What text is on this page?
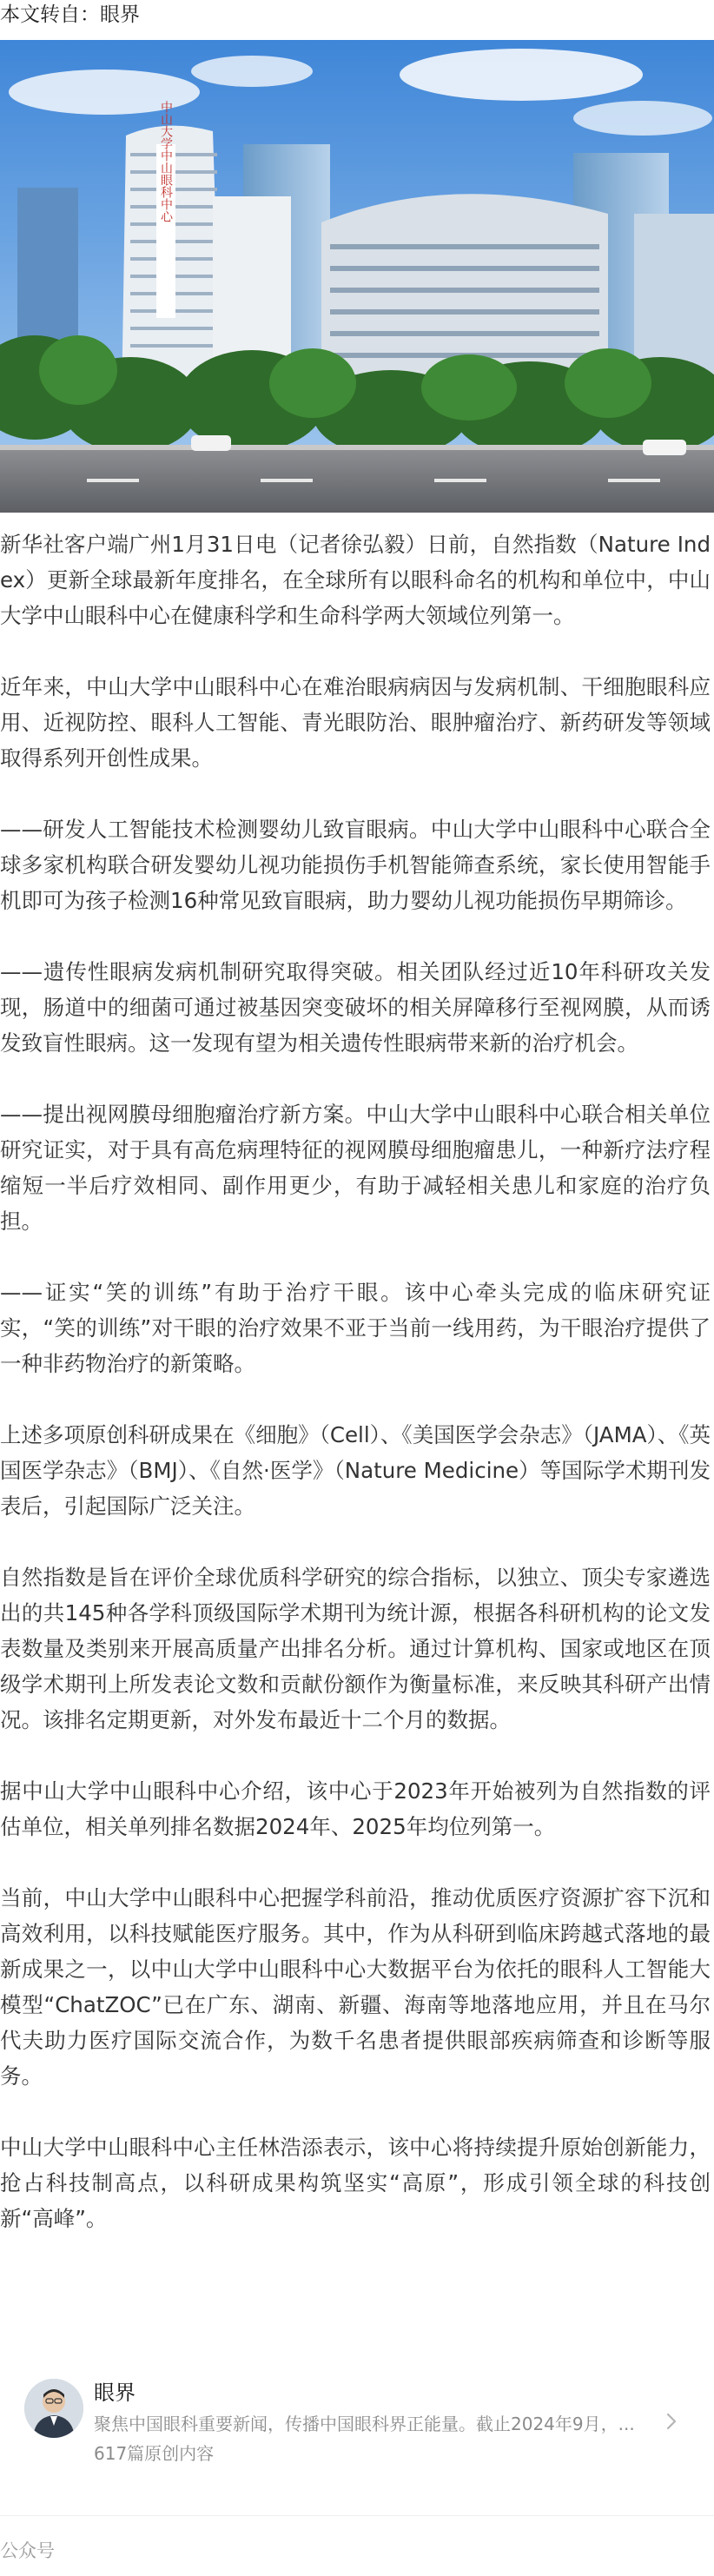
本文转自：眼界
中山大学中山眼科中心

新华社客户端广州1月31日电（记者徐弘毅）日前，自然指数（Nature Index）更新全球最新年度排名，在全球所有以眼科命名的机构和单位中，中山大学中山眼科中心在健康科学和生命科学两大领域位列第一。

近年来，中山大学中山眼科中心在难治眼病病因与发病机制、干细胞眼科应用、近视防控、眼科人工智能、青光眼防治、眼肿瘤治疗、新药研发等领域取得系列开创性成果。

——研发人工智能技术检测婴幼儿致盲眼病。中山大学中山眼科中心联合全球多家机构联合研发婴幼儿视功能损伤手机智能筛查系统，家长使用智能手机即可为孩子检测16种常见致盲眼病，助力婴幼儿视功能损伤早期筛诊。

——遗传性眼病发病机制研究取得突破。相关团队经过近10年科研攻关发现，肠道中的细菌可通过被基因突变破坏的相关屏障移行至视网膜，从而诱发致盲性眼病。这一发现有望为相关遗传性眼病带来新的治疗机会。

——提出视网膜母细胞瘤治疗新方案。中山大学中山眼科中心联合相关单位研究证实，对于具有高危病理特征的视网膜母细胞瘤患儿，一种新疗法疗程缩短一半后疗效相同、副作用更少，有助于减轻相关患儿和家庭的治疗负担。

——证实“笑的训练”有助于治疗干眼。该中心牵头完成的临床研究证实，“笑的训练”对干眼的治疗效果不亚于当前一线用药，为干眼治疗提供了一种非药物治疗的新策略。

上述多项原创科研成果在《细胞》（Cell）、《美国医学会杂志》（JAMA）、《英国医学杂志》（BMJ）、《自然·医学》（Nature Medicine）等国际学术期刊发表后，引起国际广泛关注。

自然指数是旨在评价全球优质科学研究的综合指标，以独立、顶尖专家遴选出的共145种各学科顶级国际学术期刊为统计源，根据各科研机构的论文发表数量及类别来开展高质量产出排名分析。通过计算机构、国家或地区在顶级学术期刊上所发表论文数和贡献份额作为衡量标准，来反映其科研产出情况。该排名定期更新，对外发布最近十二个月的数据。

据中山大学中山眼科中心介绍，该中心于2023年开始被列为自然指数的评估单位，相关单列排名数据2024年、2025年均位列第一。

当前，中山大学中山眼科中心把握学科前沿，推动优质医疗资源扩容下沉和高效利用，以科技赋能医疗服务。其中，作为从科研到临床跨越式落地的最新成果之一，以中山大学中山眼科中心大数据平台为依托的眼科人工智能大模型“ChatZOC”已在广东、湖南、新疆、海南等地落地应用，并且在马尔代夫助力医疗国际交流合作，为数千名患者提供眼部疾病筛查和诊断等服务。

中山大学中山眼科中心主任林浩添表示，该中心将持续提升原始创新能力，抢占科技制高点，以科研成果构筑坚实“高原”，形成引领全球的科技创新“高峰”。

眼界
聚焦中国眼科重要新闻，传播中国眼科界正能量。截止2024年9月，...
617篇原创内容
公众号
